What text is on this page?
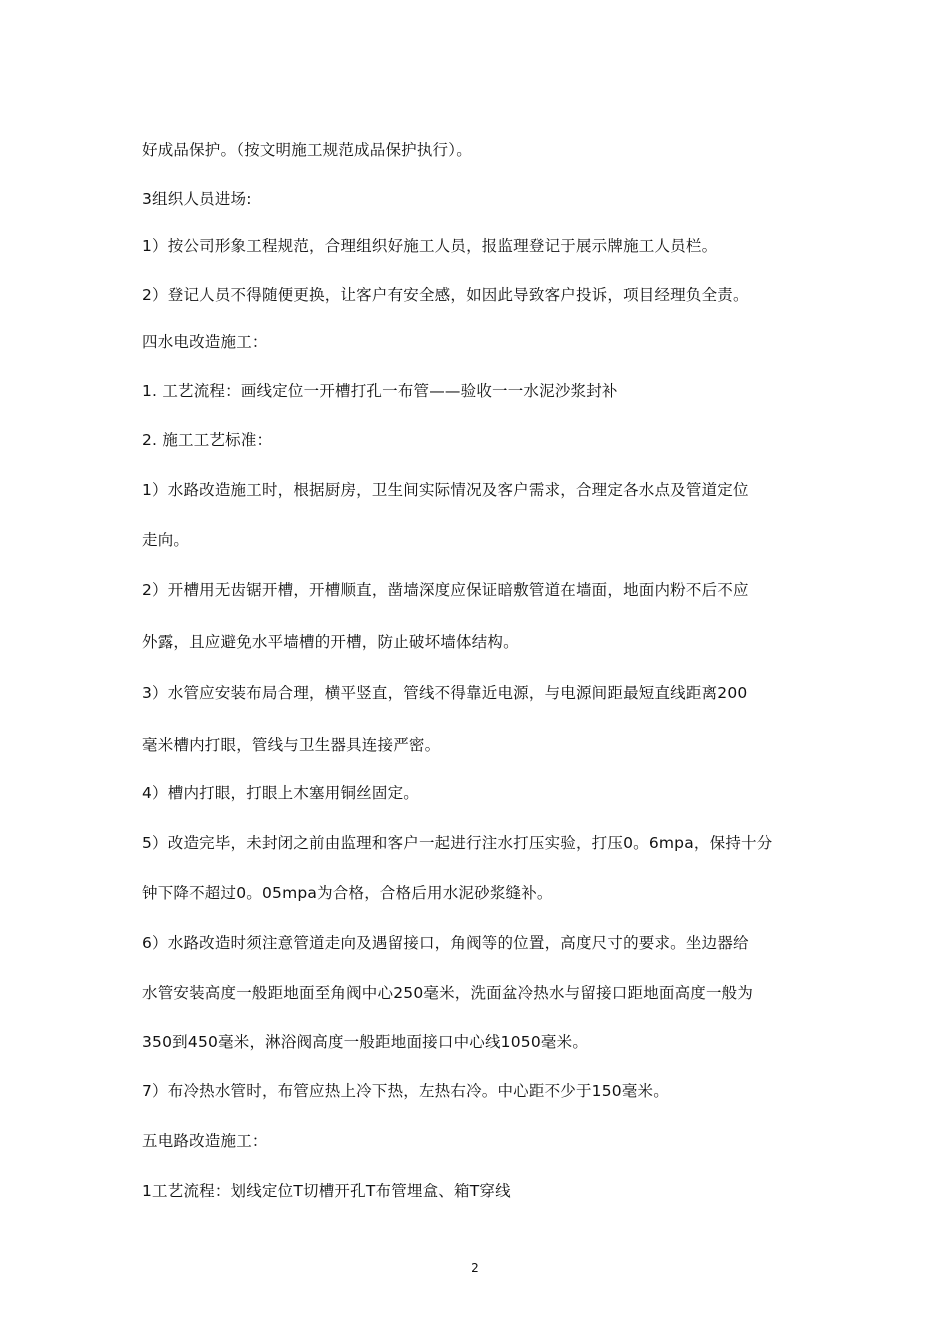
好成品保护。（按文明施工规范成品保护执行）。
3组织人员进场:
1）按公司形象工程规范，合理组织好施工人员，报监理登记于展示牌施工人员栏。
2）登记人员不得随便更换，让客户有安全感，如因此导致客户投诉，项目经理负全责。
四水电改造施工：
1. 工艺流程：画线定位一开槽打孔一布管——验收一一水泥沙浆封补
2. 施工工艺标准：
1）水路改造施工时，根据厨房，卫生间实际情况及客户需求，合理定各水点及管道定位
走向。
2）开槽用无齿锯开槽，开槽顺直，凿墙深度应保证暗敷管道在墙面，地面内粉不后不应
外露，且应避免水平墙槽的开槽，防止破坏墙体结构。
3）水管应安装布局合理，横平竖直，管线不得靠近电源，与电源间距最短直线距离200
毫米槽内打眼，管线与卫生器具连接严密。
4）槽内打眼，打眼上木塞用铜丝固定。
5）改造完毕，未封闭之前由监理和客户一起进行注水打压实验，打压0。6mpa，保持十分
钟下降不超过0。05mpa为合格，合格后用水泥砂浆缝补。
6）水路改造时须注意管道走向及遇留接口，角阀等的位置，高度尺寸的要求。坐边器给
水管安装高度一般距地面至角阀中心250毫米，洗面盆冷热水与留接口距地面高度一般为
350到450毫米，淋浴阀高度一般距地面接口中心线1050毫米。
7）布冷热水管时，布管应热上冷下热，左热右冷。中心距不少于150毫米。
五电路改造施工：
1工艺流程：划线定位T切槽开孔T布管埋盒、箱T穿线
2
